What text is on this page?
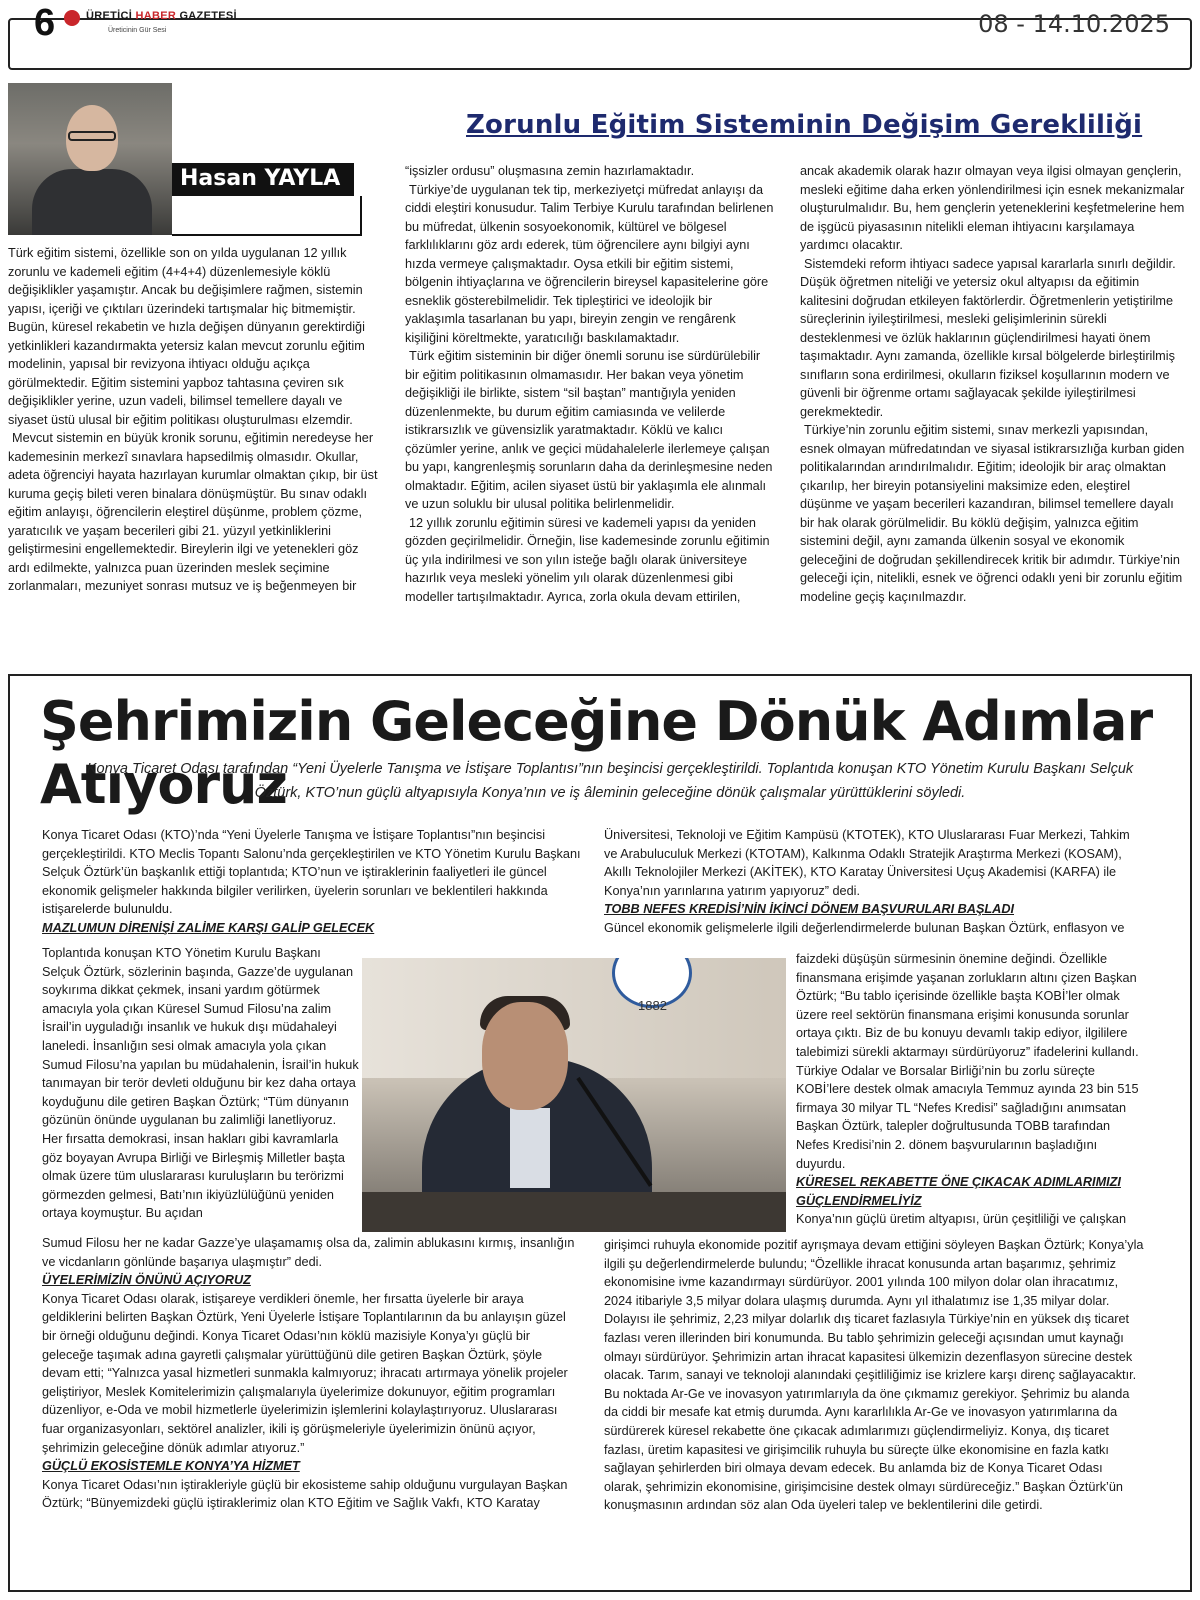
6	ÜRETİCİ HABER GAZETESİ
Üreticinin Gür Sesi	08 - 14.10.2025
Hasan YAYLA
Zorunlu Eğitim Sisteminin Değişim Gerekliliği

Türk eğitim sistemi, özellikle son on yılda uygulanan 12 yıllık zorunlu ve kademeli eğitim (4+4+4) düzenlemesiyle köklü değişiklikler yaşamıştır. Ancak bu değişimlere rağmen, sistemin yapısı, içeriği ve çıktıları üzerindeki tartışmalar hiç bitmemiştir. Bugün, küresel rekabetin ve hızla değişen dünyanın gerektirdiği yetkinlikleri kazandırmakta yetersiz kalan mevcut zorunlu eğitim modelinin, yapısal bir revizyona ihtiyacı olduğu açıkça görülmektedir. Eğitim sistemini yapboz tahtasına çeviren sık değişiklikler yerine, uzun vadeli, bilimsel temellere dayalı ve siyaset üstü ulusal bir eğitim politikası oluşturulması elzemdir.

Mevcut sistemin en büyük kronik sorunu, eğitimin neredeyse her kademesinin merkezî sınavlara hapsedilmiş olmasıdır. Okullar, adeta öğrenciyi hayata hazırlayan kurumlar olmaktan çıkıp, bir üst kuruma geçiş bileti veren binalara dönüşmüştür. Bu sınav odaklı eğitim anlayışı, öğrencilerin eleştirel düşünme, problem çözme, yaratıcılık ve yaşam becerileri gibi 21. yüzyıl yetkinliklerini geliştirmesini engellemektedir. Bireylerin ilgi ve yetenekleri göz ardı edilmekte, yalnızca puan üzerinden meslek seçimine zorlanmaları, mezuniyet sonrası mutsuz ve iş beğenmeyen bir

“işsizler ordusu” oluşmasına zemin hazırlamaktadır.

Türkiye’de uygulanan tek tip, merkeziyetçi müfredat anlayışı da ciddi eleştiri konusudur. Talim Terbiye Kurulu tarafından belirlenen bu müfredat, ülkenin sosyoekonomik, kültürel ve bölgesel farklılıklarını göz ardı ederek, tüm öğrencilere aynı bilgiyi aynı hızda vermeye çalışmaktadır. Oysa etkili bir eğitim sistemi, bölgenin ihtiyaçlarına ve öğrencilerin bireysel kapasitelerine göre esneklik gösterebilmelidir. Tek tipleştirici ve ideolojik bir yaklaşımla tasarlanan bu yapı, bireyin zengin ve rengârenk kişiliğini köreltmekte, yaratıcılığı baskılamaktadır.

Türk eğitim sisteminin bir diğer önemli sorunu ise sürdürülebilir bir eğitim politikasının olmamasıdır. Her bakan veya yönetim değişikliği ile birlikte, sistem “sil baştan” mantığıyla yeniden düzenlenmekte, bu durum eğitim camiasında ve velilerde istikrarsızlık ve güvensizlik yaratmaktadır. Köklü ve kalıcı çözümler yerine, anlık ve geçici müdahalelerle ilerlemeye çalışan bu yapı, kangrenleşmiş sorunların daha da derinleşmesine neden olmaktadır. Eğitim, acilen siyaset üstü bir yaklaşımla ele alınmalı ve uzun soluklu bir ulusal politika belirlenmelidir.

12 yıllık zorunlu eğitimin süresi ve kademeli yapısı da yeniden gözden geçirilmelidir. Örneğin, lise kademesinde zorunlu eğitimin üç yıla indirilmesi ve son yılın isteğe bağlı olarak üniversiteye hazırlık veya mesleki yönelim yılı olarak düzenlenmesi gibi modeller tartışılmaktadır. Ayrıca, zorla okula devam ettirilen,

ancak akademik olarak hazır olmayan veya ilgisi olmayan gençlerin, mesleki eğitime daha erken yönlendirilmesi için esnek mekanizmalar oluşturulmalıdır. Bu, hem gençlerin yeteneklerini keşfetmelerine hem de işgücü piyasasının nitelikli eleman ihtiyacını karşılamaya yardımcı olacaktır.

Sistemdeki reform ihtiyacı sadece yapısal kararlarla sınırlı değildir. Düşük öğretmen niteliği ve yetersiz okul altyapısı da eğitimin kalitesini doğrudan etkileyen faktörlerdir. Öğretmenlerin yetiştirilme süreçlerinin iyileştirilmesi, mesleki gelişimlerinin sürekli desteklenmesi ve özlük haklarının güçlendirilmesi hayati önem taşımaktadır. Aynı zamanda, özellikle kırsal bölgelerde birleştirilmiş sınıfların sona erdirilmesi, okulların fiziksel koşullarının modern ve güvenli bir öğrenme ortamı sağlayacak şekilde iyileştirilmesi gerekmektedir.

Türkiye’nin zorunlu eğitim sistemi, sınav merkezli yapısından, esnek olmayan müfredatından ve siyasal istikrarsızlığa kurban giden politikalarından arındırılmalıdır. Eğitim; ideolojik bir araç olmaktan çıkarılıp, her bireyin potansiyelini maksimize eden, eleştirel düşünme ve yaşam becerileri kazandıran, bilimsel temellere dayalı bir hak olarak görülmelidir. Bu köklü değişim, yalnızca eğitim sistemini değil, aynı zamanda ülkenin sosyal ve ekonomik geleceğini de doğrudan şekillendirecek kritik bir adımdır. Türkiye’nin geleceği için, nitelikli, esnek ve öğrenci odaklı yeni bir zorunlu eğitim modeline geçiş kaçınılmazdır.

Şehrimizin Geleceğine Dönük Adımlar Atıyoruz
Konya Ticaret Odası tarafından “Yeni Üyelerle Tanışma ve İstişare Toplantısı”nın beşincisi gerçekleştirildi. Toplantıda konuşan KTO Yönetim Kurulu Başkanı Selçuk Öztürk, KTO’nun güçlü altyapısıyla Konya’nın ve iş âleminin geleceğine dönük çalışmalar yürüttüklerini söyledi.

Konya Ticaret Odası (KTO)’nda “Yeni Üyelerle Tanışma ve İstişare Toplantısı”nın beşincisi gerçekleştirildi. KTO Meclis Topantı Salonu’nda gerçekleştirilen ve KTO Yönetim Kurulu Başkanı Selçuk Öztürk’ün başkanlık ettiği toplantıda; KTO’nun ve iştiraklerinin faaliyetleri ile güncel ekonomik gelişmeler hakkında bilgiler verilirken, üyelerin sorunları ve beklentileri hakkında istişarelerde bulunuldu.

MAZLUMUN DİRENİŞİ ZALİME KARŞI GALİP GELECEK

Toplantıda konuşan KTO Yönetim Kurulu Başkanı Selçuk Öztürk, sözlerinin başında, Gazze’de uygulanan soykırıma dikkat çekmek, insani yardım götürmek amacıyla yola çıkan Küresel Sumud Filosu’na zalim İsrail’in uyguladığı insanlık ve hukuk dışı müdahaleyi laneledi. İnsanlığın sesi olmak amacıyla yola çıkan Sumud Filosu’na yapılan bu müdahalenin, İsrail’in hukuk tanımayan bir terör devleti olduğunu bir kez daha ortaya koyduğunu dile getiren Başkan Öztürk; “Tüm dünyanın gözünün önünde uygulanan bu zalimliği lanetliyoruz. Her fırsatta demokrasi, insan hakları gibi kavramlarla göz boyayan Avrupa Birliği ve Birleşmiş Milletler başta olmak üzere tüm uluslararası kuruluşların bu terörizmi görmezden gelmesi, Batı’nın ikiyüzlülüğünü yeniden ortaya koymuştur. Bu açıdan

1882

Sumud Filosu her ne kadar Gazze’ye ulaşamamış olsa da, zalimin ablukasını kırmış, insanlığın ve vicdanların gönlünde başarıya ulaşmıştır” dedi.

ÜYELERİMİZİN ÖNÜNÜ AÇIYORUZ

Konya Ticaret Odası olarak, istişareye verdikleri önemle, her fırsatta üyelerle bir araya geldiklerini belirten Başkan Öztürk, Yeni Üyelerle İstişare Toplantılarının da bu anlayışın güzel bir örneği olduğunu değindi. Konya Ticaret Odası’nın köklü mazisiyle Konya’yı güçlü bir geleceğe taşımak adına gayretli çalışmalar yürüttüğünü dile getiren Başkan Öztürk, şöyle devam etti; “Yalnızca yasal hizmetleri sunmakla kalmıyoruz; ihracatı artırmaya yönelik projeler geliştiriyor, Meslek Komitelerimizin çalışmalarıyla üyelerimize dokunuyor, eğitim programları düzenliyor, e-Oda ve mobil hizmetlerle üyelerimizin işlemlerini kolaylaştırıyoruz. Uluslararası fuar organizasyonları, sektörel analizler, ikili iş görüşmeleriyle üyelerimizin önünü açıyor, şehrimizin geleceğine dönük adımlar atıyoruz.”

GÜÇLÜ EKOSİSTEMLE KONYA’YA HİZMET

Konya Ticaret Odası’nın iştirakleriyle güçlü bir ekosisteme sahip olduğunu vurgulayan Başkan Öztürk; “Bünyemizdeki güçlü iştiraklerimiz olan KTO Eğitim ve Sağlık Vakfı, KTO Karatay

Üniversitesi, Teknoloji ve Eğitim Kampüsü (KTOTEK), KTO Uluslararası Fuar Merkezi, Tahkim ve Arabuluculuk Merkezi (KTOTAM), Kalkınma Odaklı Stratejik Araştırma Merkezi (KOSAM), Akıllı Teknolojiler Merkezi (AKİTEK), KTO Karatay Üniversitesi Uçuş Akademisi (KARFA) ile Konya’nın yarınlarına yatırım yapıyoruz” dedi.

TOBB NEFES KREDİSİ’NİN İKİNCİ DÖNEM BAŞVURULARI BAŞLADI

Güncel ekonomik gelişmelerle ilgili değerlendirmelerde bulunan Başkan Öztürk, enflasyon ve

faizdeki düşüşün sürmesinin önemine değindi. Özellikle finansmana erişimde yaşanan zorlukların altını çizen Başkan Öztürk; “Bu tablo içerisinde özellikle başta KOBİ’ler olmak üzere reel sektörün finansmana erişimi konusunda sorunlar ortaya çıktı. Biz de bu konuyu devamlı takip ediyor, ilgililere talebimizi sürekli aktarmayı sürdürüyoruz” ifadelerini kullandı. Türkiye Odalar ve Borsalar Birliği’nin bu zorlu süreçte KOBİ’lere destek olmak amacıyla Temmuz ayında 23 bin 515 firmaya 30 milyar TL “Nefes Kredisi” sağladığını anımsatan Başkan Öztürk, talepler doğrultusunda TOBB tarafından Nefes Kredisi’nin 2. dönem başvurularının başladığını duyurdu.

KÜRESEL REKABETTE ÖNE ÇIKACAK ADIMLARIMIZI GÜÇLENDİRMELİYİZ

Konya’nın güçlü üretim altyapısı, ürün çeşitliliği ve çalışkan

girişimci ruhuyla ekonomide pozitif ayrışmaya devam ettiğini söyleyen Başkan Öztürk; Konya’yla ilgili şu değerlendirmelerde bulundu; “Özellikle ihracat konusunda artan başarımız, şehrimiz ekonomisine ivme kazandırmayı sürdürüyor. 2001 yılında 100 milyon dolar olan ihracatımız, 2024 itibariyle 3,5 milyar dolara ulaşmış durumda. Aynı yıl ithalatımız ise 1,35 milyar dolar. Dolayısı ile şehrimiz, 2,23 milyar dolarlık dış ticaret fazlasıyla Türkiye’nin en yüksek dış ticaret fazlası veren illerinden biri konumunda. Bu tablo şehrimizin geleceği açısından umut kaynağı olmayı sürdürüyor. Şehrimizin artan ihracat kapasitesi ülkemizin dezenflasyon sürecine destek olacak. Tarım, sanayi ve teknoloji alanındaki çeşitliliğimiz ise krizlere karşı direnç sağlayacaktır. Bu noktada Ar-Ge ve inovasyon yatırımlarıyla da öne çıkmamız gerekiyor. Şehrimiz bu alanda da ciddi bir mesafe kat etmiş durumda. Aynı kararlılıkla Ar-Ge ve inovasyon yatırımlarına da sürdürerek küresel rekabette öne çıkacak adımlarımızı güçlendirmeliyiz. Konya, dış ticaret fazlası, üretim kapasitesi ve girişimcilik ruhuyla bu süreçte ülke ekonomisine en fazla katkı sağlayan şehirlerden biri olmaya devam edecek. Bu anlamda biz de Konya Ticaret Odası olarak, şehrimizin ekonomisine, girişimcisine destek olmayı sürdüreceğiz.” Başkan Öztürk’ün konuşmasının ardından söz alan Oda üyeleri talep ve beklentilerini dile getirdi.
